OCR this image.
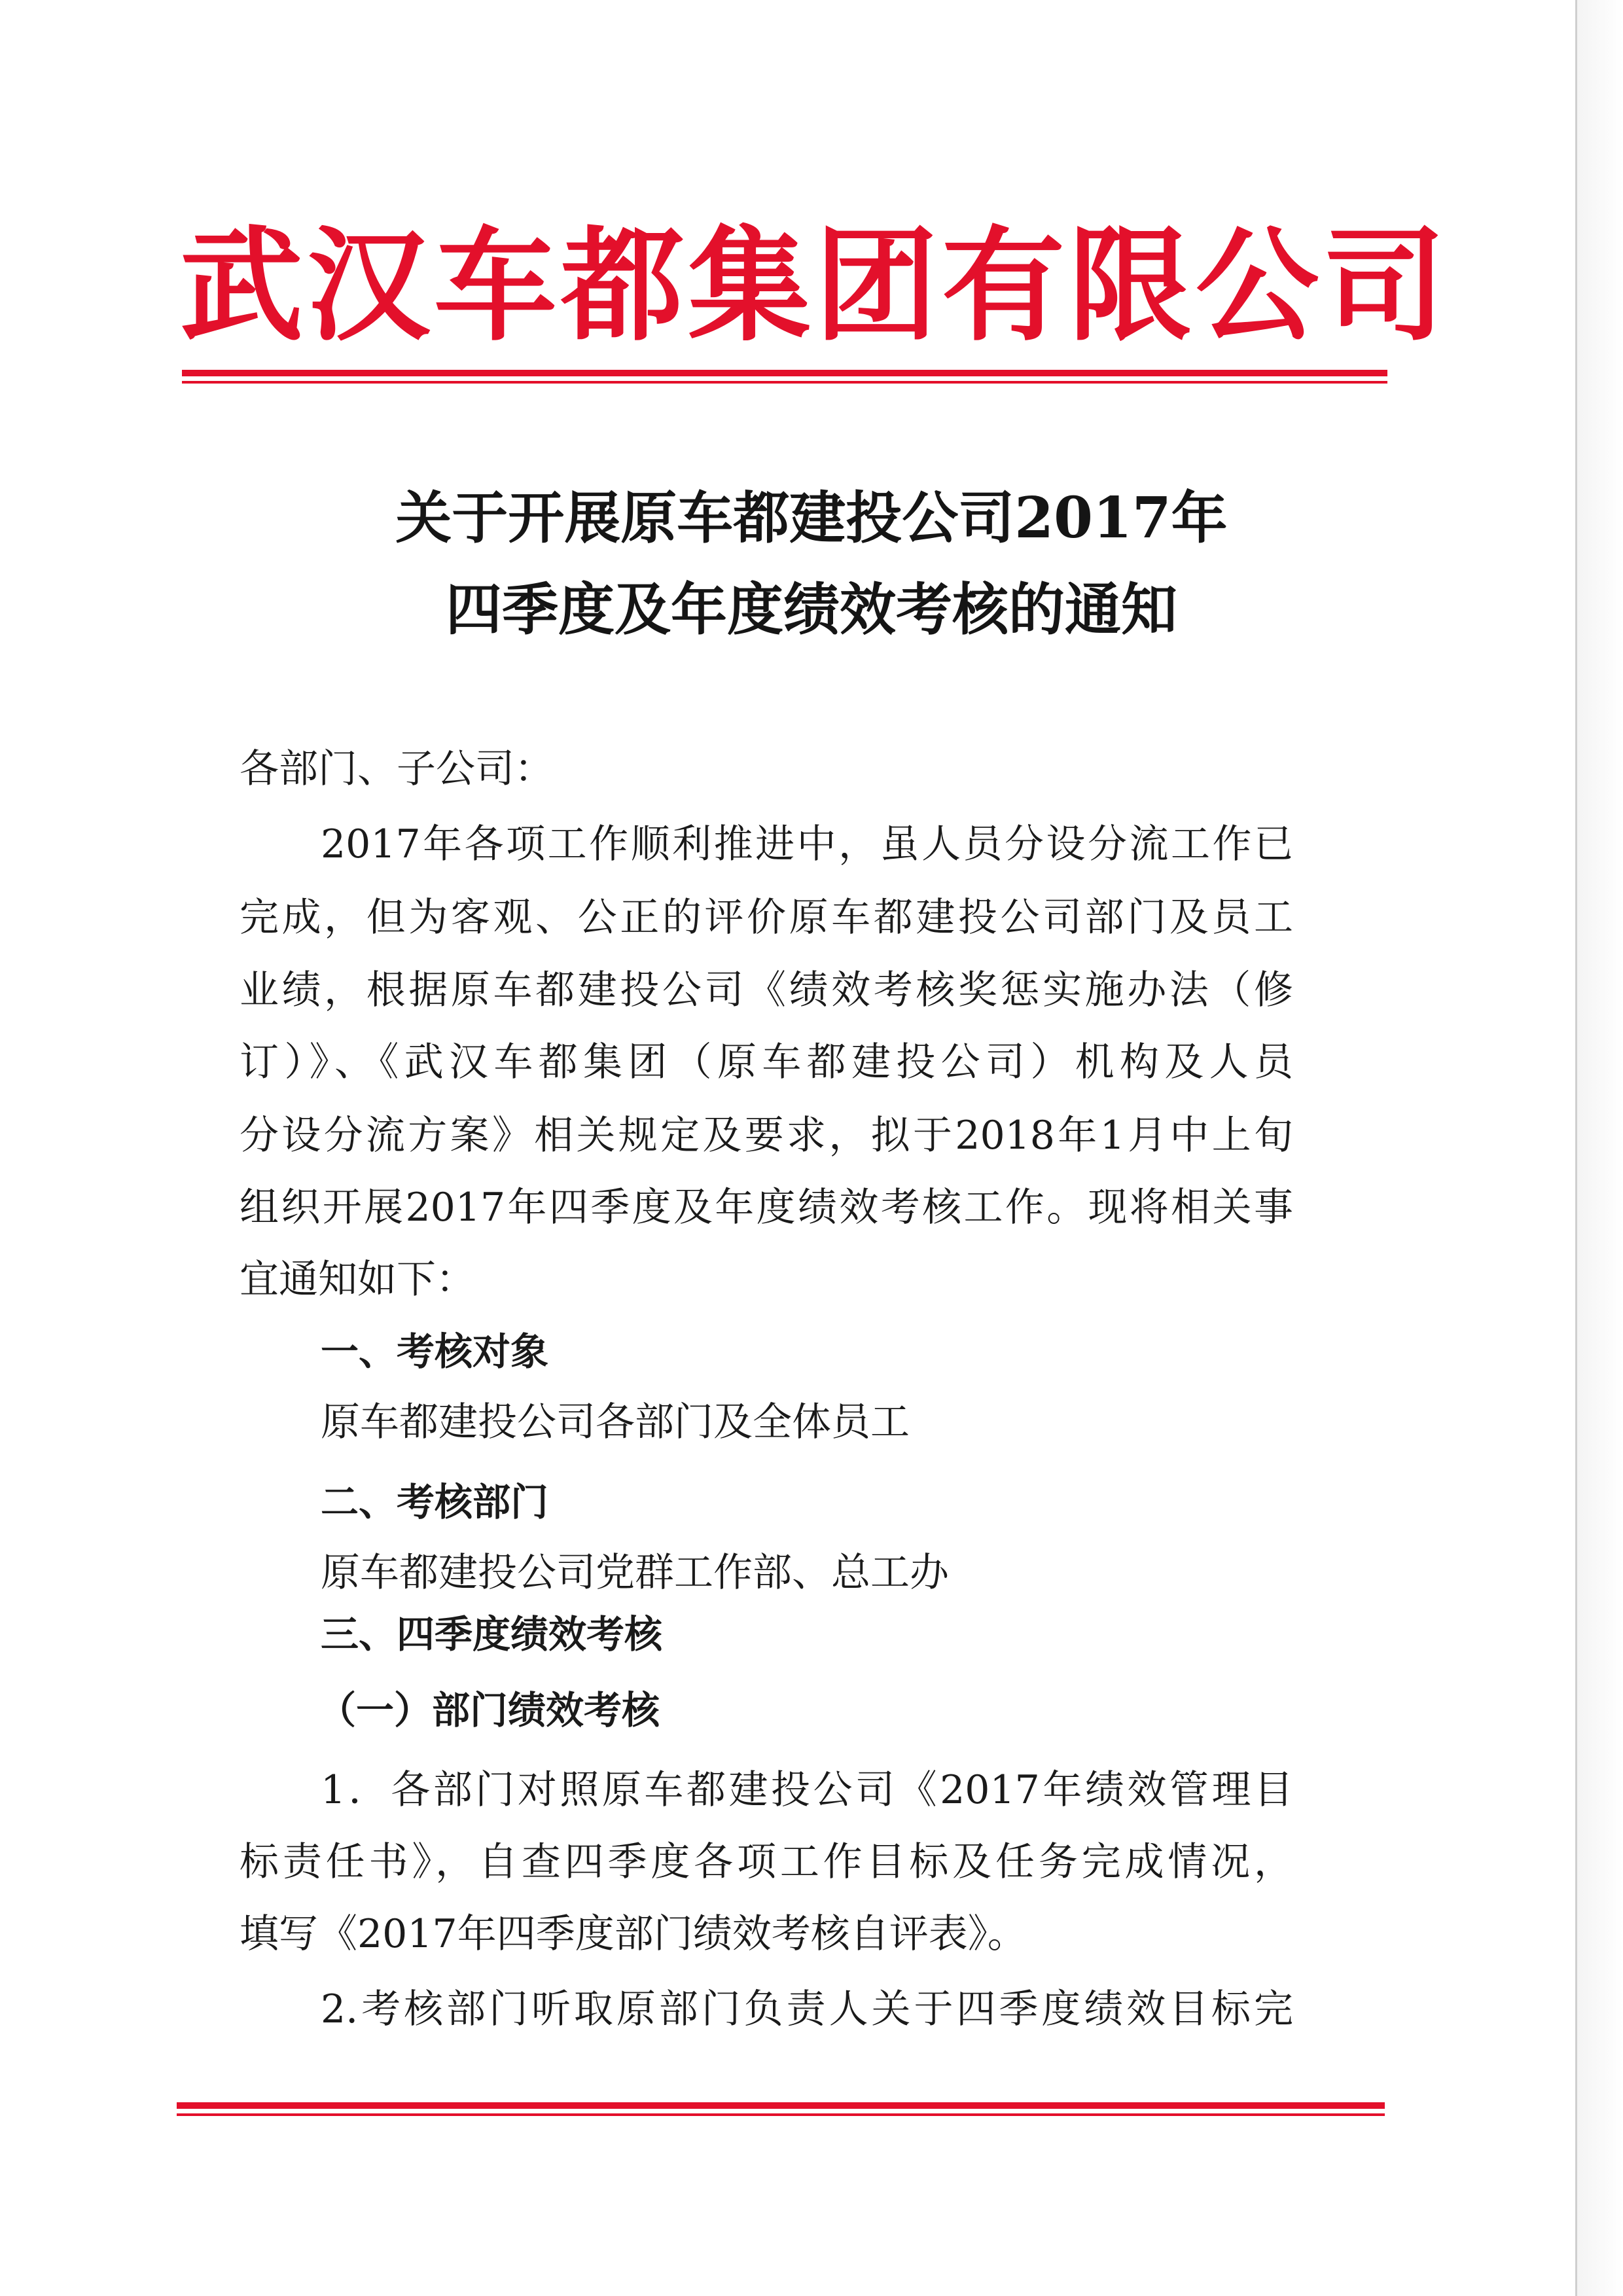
武汉车都集团有限公司
关于开展原车都建投公司2017年
四季度及年度绩效考核的通知
各部门、子公司：
2017年各项工作顺利推进中，虽人员分设分流工作已
完成，但为客观、公正的评价原车都建投公司部门及员工
业绩，根据原车都建投公司《绩效考核奖惩实施办法（修
订）》、《武汉车都集团（原车都建投公司）机构及人员
分设分流方案》相关规定及要求，拟于2018年1月中上旬
组织开展2017年四季度及年度绩效考核工作。现将相关事
宜通知如下：
一、考核对象
原车都建投公司各部门及全体员工
二、考核部门
原车都建投公司党群工作部、总工办
三、四季度绩效考核
（一）部门绩效考核
1．各部门对照原车都建投公司《2017年绩效管理目
标责任书》，自查四季度各项工作目标及任务完成情况，
填写《2017年四季度部门绩效考核自评表》。
2.考核部门听取原部门负责人关于四季度绩效目标完
